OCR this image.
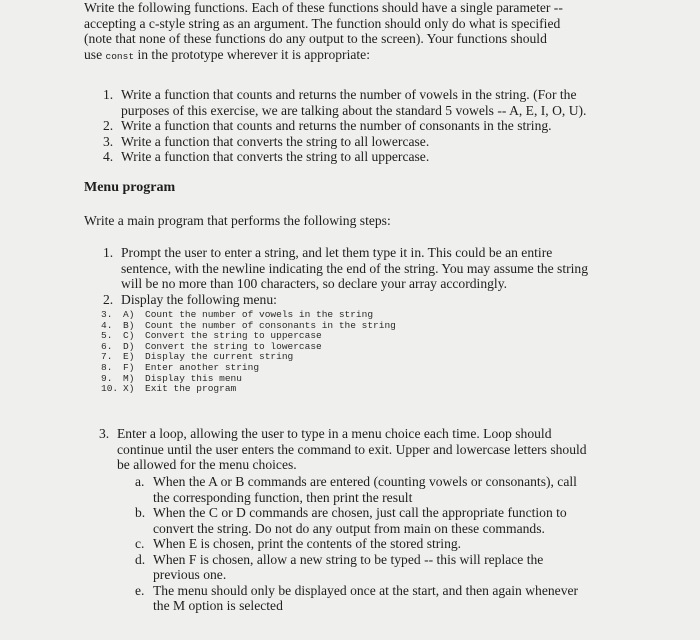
Write the following functions. Each of these functions should have a single parameter --
accepting a c-style string as an argument. The function should only do what is specified
(note that none of these functions do any output to the screen). Your functions should
use const in the prototype wherever it is appropriate:
1. Write a function that counts and returns the number of vowels in the string. (For the
purposes of this exercise, we are talking about the standard 5 vowels -- A, E, I, O, U).
2. Write a function that counts and returns the number of consonants in the string.
3. Write a function that converts the string to all lowercase.
4. Write a function that converts the string to all uppercase.
Menu program
Write a main program that performs the following steps:
1. Prompt the user to enter a string, and let them type it in. This could be an entire
sentence, with the newline indicating the end of the string. You may assume the string
will be no more than 100 characters, so declare your array accordingly.
2. Display the following menu:
3. A) Count the number of vowels in the string
4. B) Count the number of consonants in the string
5. C) Convert the string to uppercase
6. D) Convert the string to lowercase
7. E) Display the current string
8. F) Enter another string
9. M) Display this menu
10. X) Exit the program
3. Enter a loop, allowing the user to type in a menu choice each time. Loop should
continue until the user enters the command to exit. Upper and lowercase letters should
be allowed for the menu choices.
a. When the A or B commands are entered (counting vowels or consonants), call
the corresponding function, then print the result
b. When the C or D commands are chosen, just call the appropriate function to
convert the string. Do not do any output from main on these commands.
c. When E is chosen, print the contents of the stored string.
d. When F is chosen, allow a new string to be typed -- this will replace the
previous one.
e. The menu should only be displayed once at the start, and then again whenever
the M option is selected
